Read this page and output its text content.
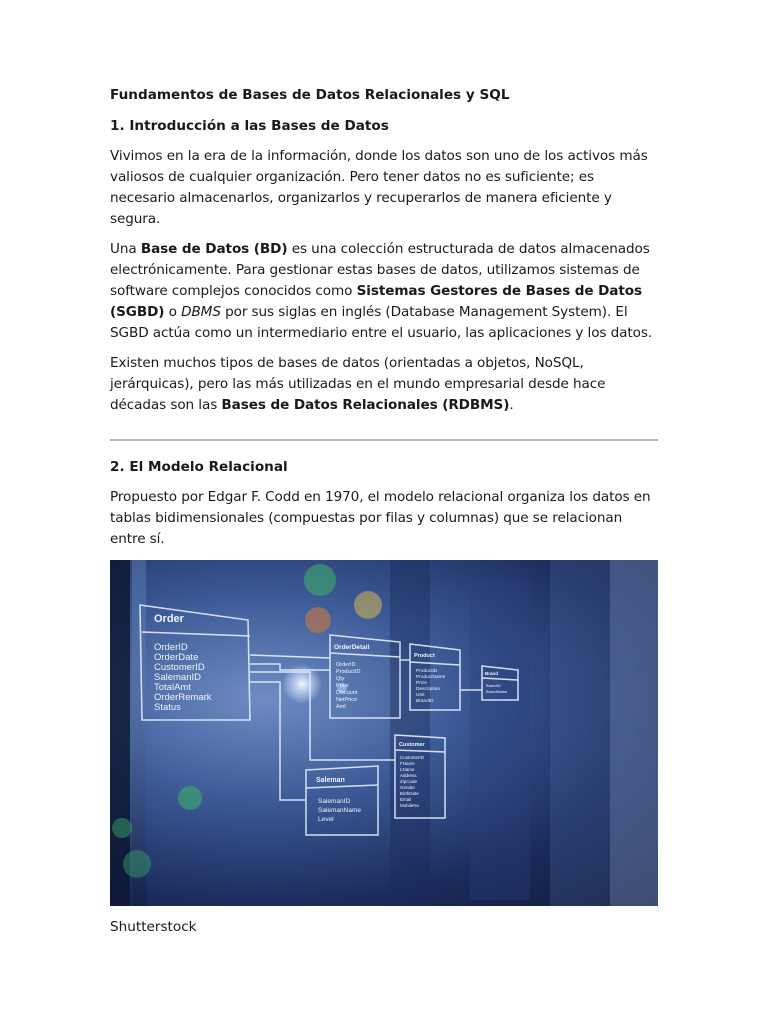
Fundamentos de Bases de Datos Relacionales y SQL

1. Introducción a las Bases de Datos

Vivimos en la era de la información, donde los datos son uno de los activos más valiosos de cualquier organización. Pero tener datos no es suficiente; es necesario almacenarlos, organizarlos y recuperarlos de manera eficiente y segura.

Una Base de Datos (BD) es una colección estructurada de datos almacenados electrónicamente. Para gestionar estas bases de datos, utilizamos sistemas de software complejos conocidos como Sistemas Gestores de Bases de Datos (SGBD) o DBMS por sus siglas en inglés (Database Management System). El SGBD actúa como un intermediario entre el usuario, las aplicaciones y los datos.

Existen muchos tipos de bases de datos (orientadas a objetos, NoSQL, jerárquicas), pero las más utilizadas en el mundo empresarial desde hace décadas son las Bases de Datos Relacionales (RDBMS).

2. El Modelo Relacional

Propuesto por Edgar F. Codd en 1970, el modelo relacional organiza los datos en tablas bidimensionales (compuestas por filas y columnas) que se relacionan entre sí.

Order
OrderID
OrderDate
CustomerID
SalemanID
TotalAmt
OrderRemark
Status
OrderDetail
OrderID
ProductID
Qty
Price
Discount
NetPrice
Amt
Product
ProductID
ProductName
Price
Description
Unit
BrandID
Brand
BrandID
BrandName
Customer
CustomerID
FName
LName
Address
ZipCode
Gender
BirthDate
Email
MobileNo
Saleman
SalemanID
SalemanName
Level

Shutterstock
